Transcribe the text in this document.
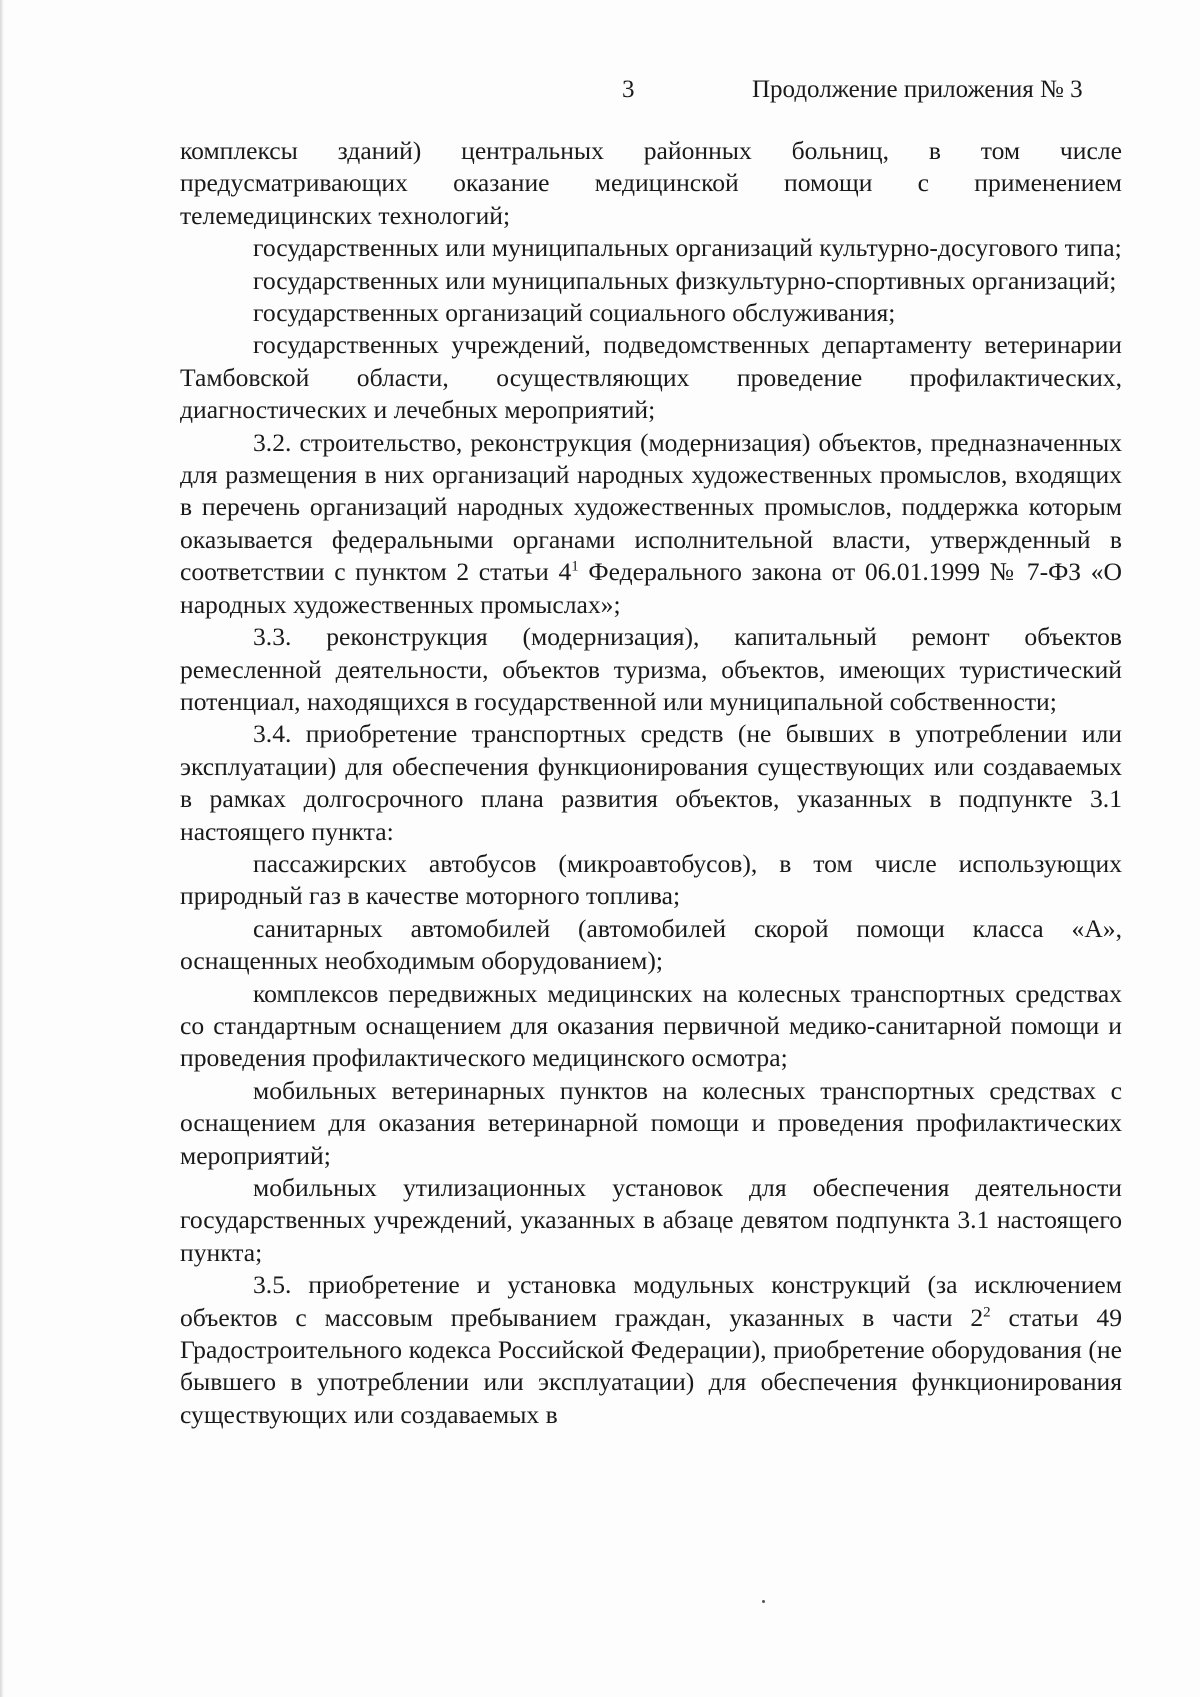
3	Продолжение приложения № 3

комплексы зданий) центральных районных больниц, в том числе предусматривающих оказание медицинской помощи с применением телемедицинских технологий;

государственных или муниципальных организаций культурно-досугового типа;

государственных или муниципальных физкультурно-спортивных организаций;

государственных организаций социального обслуживания;

государственных учреждений, подведомственных департаменту ветеринарии Тамбовской области, осуществляющих проведение профилактических, диагностических и лечебных мероприятий;

3.2. строительство, реконструкция (модернизация) объектов, предназначенных для размещения в них организаций народных художественных промыслов, входящих в перечень организаций народных художественных промыслов, поддержка которым оказывается федеральными органами исполнительной власти, утвержденный в соответствии с пунктом 2 статьи $4^1$ Федерального закона от 06.01.1999 № 7-ФЗ «О народных художественных промыслах»;

3.3. реконструкция (модернизация), капитальный ремонт объектов ремесленной деятельности, объектов туризма, объектов, имеющих туристический потенциал, находящихся в государственной или муниципальной собственности;

3.4. приобретение транспортных средств (не бывших в употреблении или эксплуатации) для обеспечения функционирования существующих или создаваемых в рамках долгосрочного плана развития объектов, указанных в подпункте 3.1 настоящего пункта:

пассажирских автобусов (микроавтобусов), в том числе использующих природный газ в качестве моторного топлива;

санитарных автомобилей (автомобилей скорой помощи класса «А», оснащенных необходимым оборудованием);

комплексов передвижных медицинских на колесных транспортных средствах со стандартным оснащением для оказания первичной медико-санитарной помощи и проведения профилактического медицинского осмотра;

мобильных ветеринарных пунктов на колесных транспортных средствах с оснащением для оказания ветеринарной помощи и проведения профилактических мероприятий;

мобильных утилизационных установок для обеспечения деятельности государственных учреждений, указанных в абзаце девятом подпункта 3.1 настоящего пункта;

3.5. приобретение и установка модульных конструкций (за исключением объектов с массовым пребыванием граждан, указанных в части $2^2$ статьи 49 Градостроительного кодекса Российской Федерации), приобретение оборудования (не бывшего в употреблении или эксплуатации) для обеспечения функционирования существующих или создаваемых в
